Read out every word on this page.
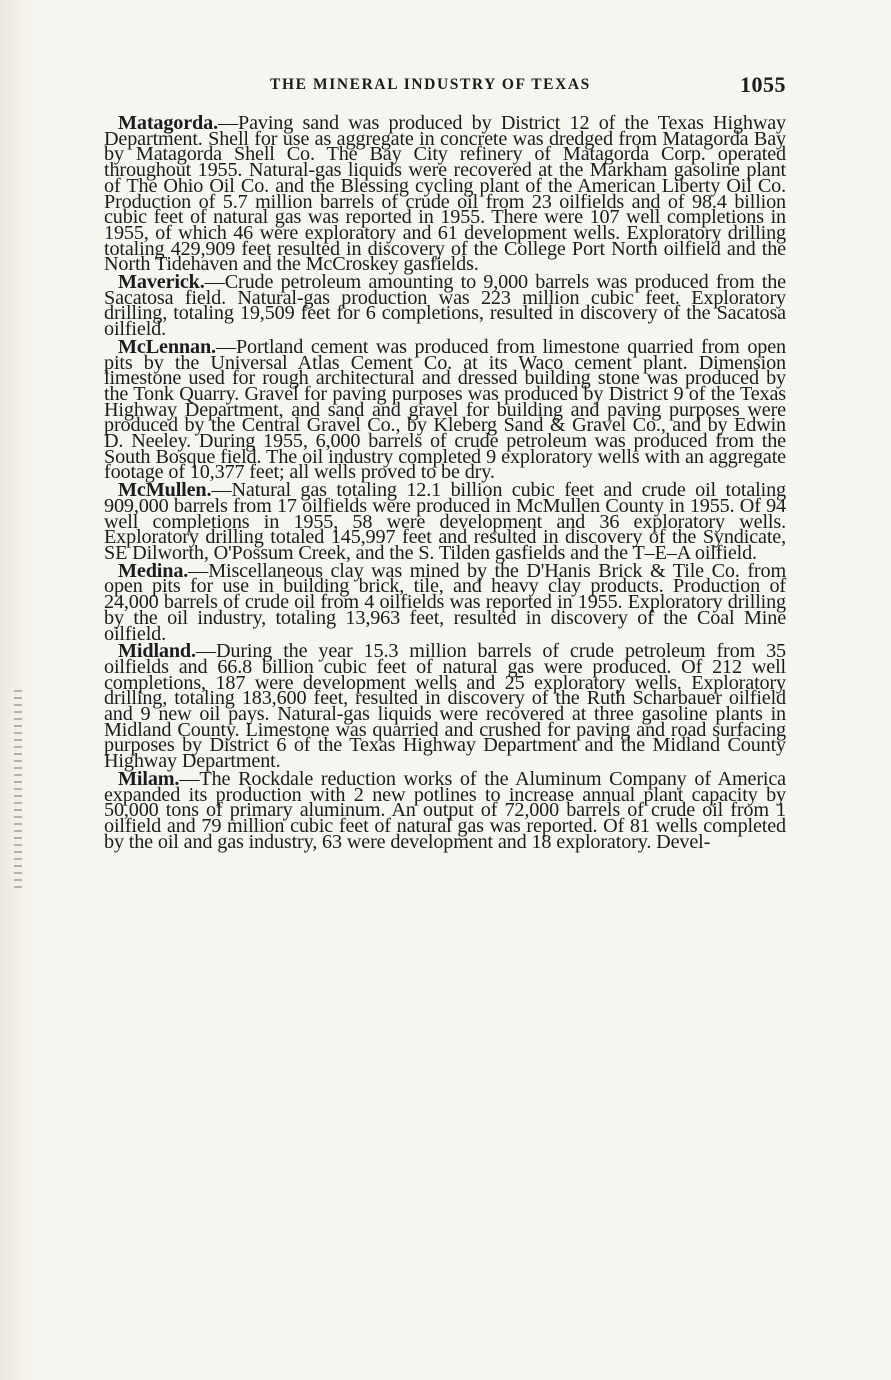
THE MINERAL INDUSTRY OF TEXAS	1055

Matagorda.—Paving sand was produced by District 12 of the Texas Highway Department. Shell for use as aggregate in concrete was dredged from Matagorda Bay by Matagorda Shell Co. The Bay City refinery of Matagorda Corp. operated throughout 1955. Natural-gas liquids were recovered at the Markham gasoline plant of The Ohio Oil Co. and the Blessing cycling plant of the American Liberty Oil Co. Production of 5.7 million barrels of crude oil from 23 oilfields and of 98.4 billion cubic feet of natural gas was reported in 1955. There were 107 well completions in 1955, of which 46 were exploratory and 61 development wells. Exploratory drilling totaling 429,909 feet resulted in discovery of the College Port North oilfield and the North Tidehaven and the McCroskey gasfields.

Maverick.—Crude petroleum amounting to 9,000 barrels was produced from the Sacatosa field. Natural-gas production was 223 million cubic feet. Exploratory drilling, totaling 19,509 feet for 6 completions, resulted in discovery of the Sacatosa oilfield.

McLennan.—Portland cement was produced from limestone quarried from open pits by the Universal Atlas Cement Co. at its Waco cement plant. Dimension limestone used for rough architectural and dressed building stone was produced by the Tonk Quarry. Gravel for paving purposes was produced by District 9 of the Texas Highway Department, and sand and gravel for building and paving purposes were produced by the Central Gravel Co., by Kleberg Sand & Gravel Co., and by Edwin D. Neeley. During 1955, 6,000 barrels of crude petroleum was produced from the South Bosque field. The oil industry completed 9 exploratory wells with an aggregate footage of 10,377 feet; all wells proved to be dry.

McMullen.—Natural gas totaling 12.1 billion cubic feet and crude oil totaling 909,000 barrels from 17 oilfields were produced in McMullen County in 1955. Of 94 well completions in 1955, 58 were development and 36 exploratory wells. Exploratory drilling totaled 145,997 feet and resulted in discovery of the Syndicate, SE Dilworth, O'Possum Creek, and the S. Tilden gasfields and the T–E–A oilfield.

Medina.—Miscellaneous clay was mined by the D'Hanis Brick & Tile Co. from open pits for use in building brick, tile, and heavy clay products. Production of 24,000 barrels of crude oil from 4 oilfields was reported in 1955. Exploratory drilling by the oil industry, totaling 13,963 feet, resulted in discovery of the Coal Mine oilfield.

Midland.—During the year 15.3 million barrels of crude petroleum from 35 oilfields and 66.8 billion cubic feet of natural gas were produced. Of 212 well completions, 187 were development wells and 25 exploratory wells. Exploratory drilling, totaling 183,600 feet, resulted in discovery of the Ruth Scharbauer oilfield and 9 new oil pays. Natural-gas liquids were recovered at three gasoline plants in Midland County. Limestone was quarried and crushed for paving and road surfacing purposes by District 6 of the Texas Highway Department and the Midland County Highway Department.

Milam.—The Rockdale reduction works of the Aluminum Company of America expanded its production with 2 new potlines to increase annual plant capacity by 50,000 tons of primary aluminum. An output of 72,000 barrels of crude oil from 1 oilfield and 79 million cubic feet of natural gas was reported. Of 81 wells completed by the oil and gas industry, 63 were development and 18 exploratory. Devel-
